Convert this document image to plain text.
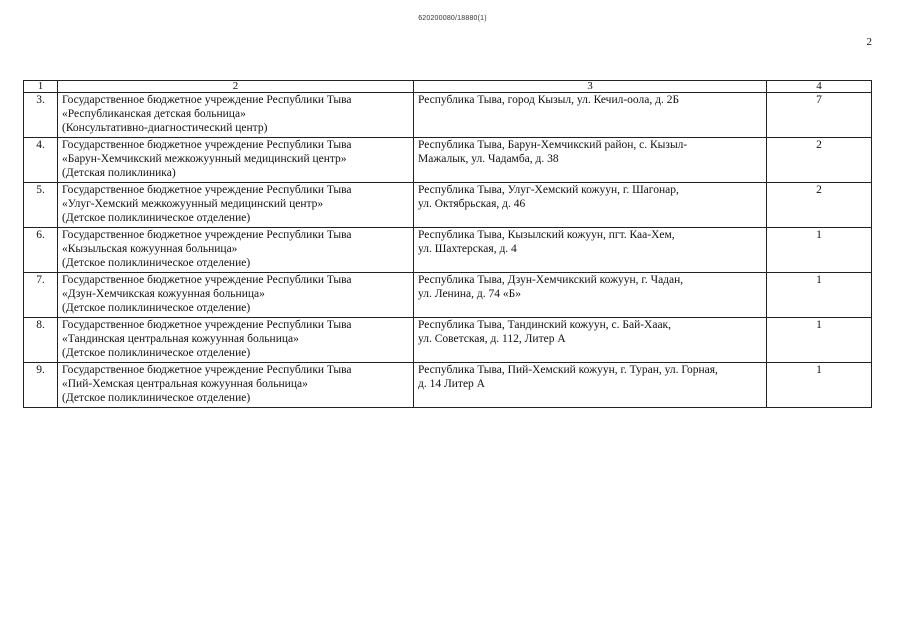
620200080/18880(1)
2
1	2	3	4
3.	Государственное бюджетное учреждение Республики Тыва
«Республиканская детская больница»
(Консультативно-диагностический центр)	Республика Тыва, город Кызыл, ул. Кечил-оола, д. 2Б	7
4.	Государственное бюджетное учреждение Республики Тыва
«Барун-Хемчикский межкожуунный медицинский центр»
(Детская поликлиника)	Республика Тыва, Барун-Хемчикский район, с. Кызыл-
Мажалык, ул. Чадамба, д. 38	2
5.	Государственное бюджетное учреждение Республики Тыва
«Улуг-Хемский межкожуунный медицинский центр»
(Детское поликлиническое отделение)	Республика Тыва, Улуг-Хемский кожуун, г. Шагонар,
ул. Октябрьская, д. 46	2
6.	Государственное бюджетное учреждение Республики Тыва
«Кызыльская кожуунная больница»
(Детское поликлиническое отделение)	Республика Тыва, Кызылский кожуун, пгт. Каа-Хем,
ул. Шахтерская, д. 4	1
7.	Государственное бюджетное учреждение Республики Тыва
«Дзун-Хемчикская кожуунная больница»
(Детское поликлиническое отделение)	Республика Тыва, Дзун-Хемчикский кожуун, г. Чадан,
ул. Ленина, д. 74 «Б»	1
8.	Государственное бюджетное учреждение Республики Тыва
«Тандинская центральная кожуунная больница»
(Детское поликлиническое отделение)	Республика Тыва, Тандинский кожуун, с. Бай-Хаак,
ул. Советская, д. 112, Литер А	1
9.	Государственное бюджетное учреждение Республики Тыва
«Пий-Хемская центральная кожуунная больница»
(Детское поликлиническое отделение)	Республика Тыва, Пий-Хемский кожуун, г. Туран, ул. Горная,
д. 14 Литер А	1
